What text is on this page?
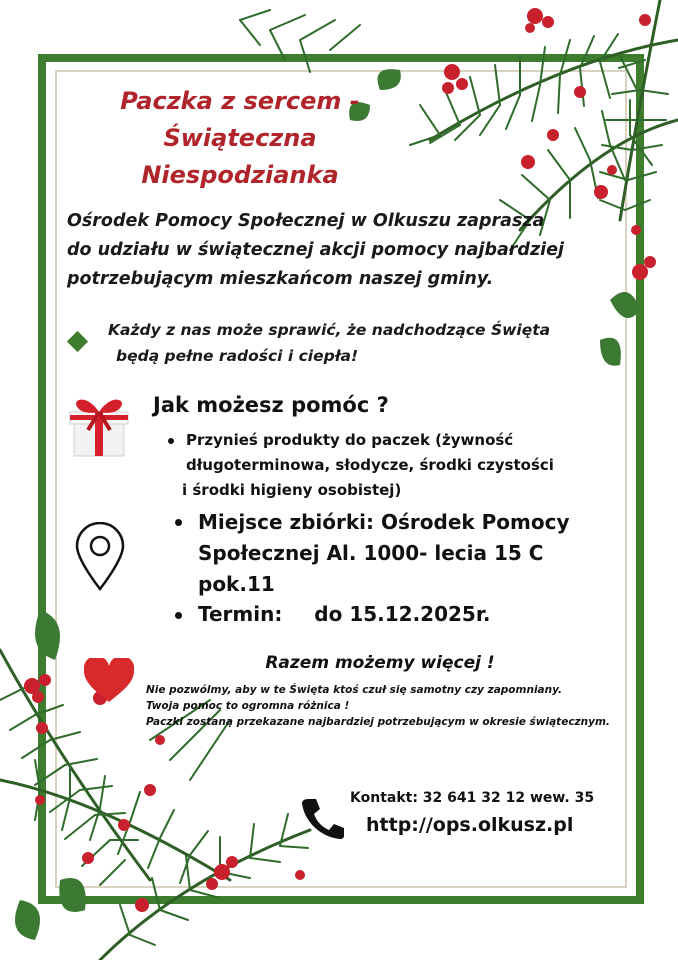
Paczka z sercem -
Świąteczna
Niespodzianka
Ośrodek Pomocy Społecznej w Olkuszu zaprasza
do udziału w świątecznej akcji pomocy najbardziej
potrzebującym mieszkańcom naszej gminy.
Każdy z nas może sprawić, że nadchodzące Święta
będą pełne radości i ciepła!
Jak możesz pomóc ?
Przynieś produkty do paczek (żywność
długoterminowa, słodycze, środki czystości
i środki higieny osobistej)
Miejsce zbiórki: Ośrodek Pomocy
Społecznej Al. 1000- lecia 15 C
pok.11
Termin: do 15.12.2025r.
Razem możemy więcej !
Nie pozwólmy, aby w te Święta ktoś czuł się samotny czy zapomniany.
Twoja pomoc to ogromna różnica !
Paczki zostaną przekazane najbardziej potrzebującym w okresie świątecznym.
Kontakt: 32 641 32 12 wew. 35
http://ops.olkusz.pl
